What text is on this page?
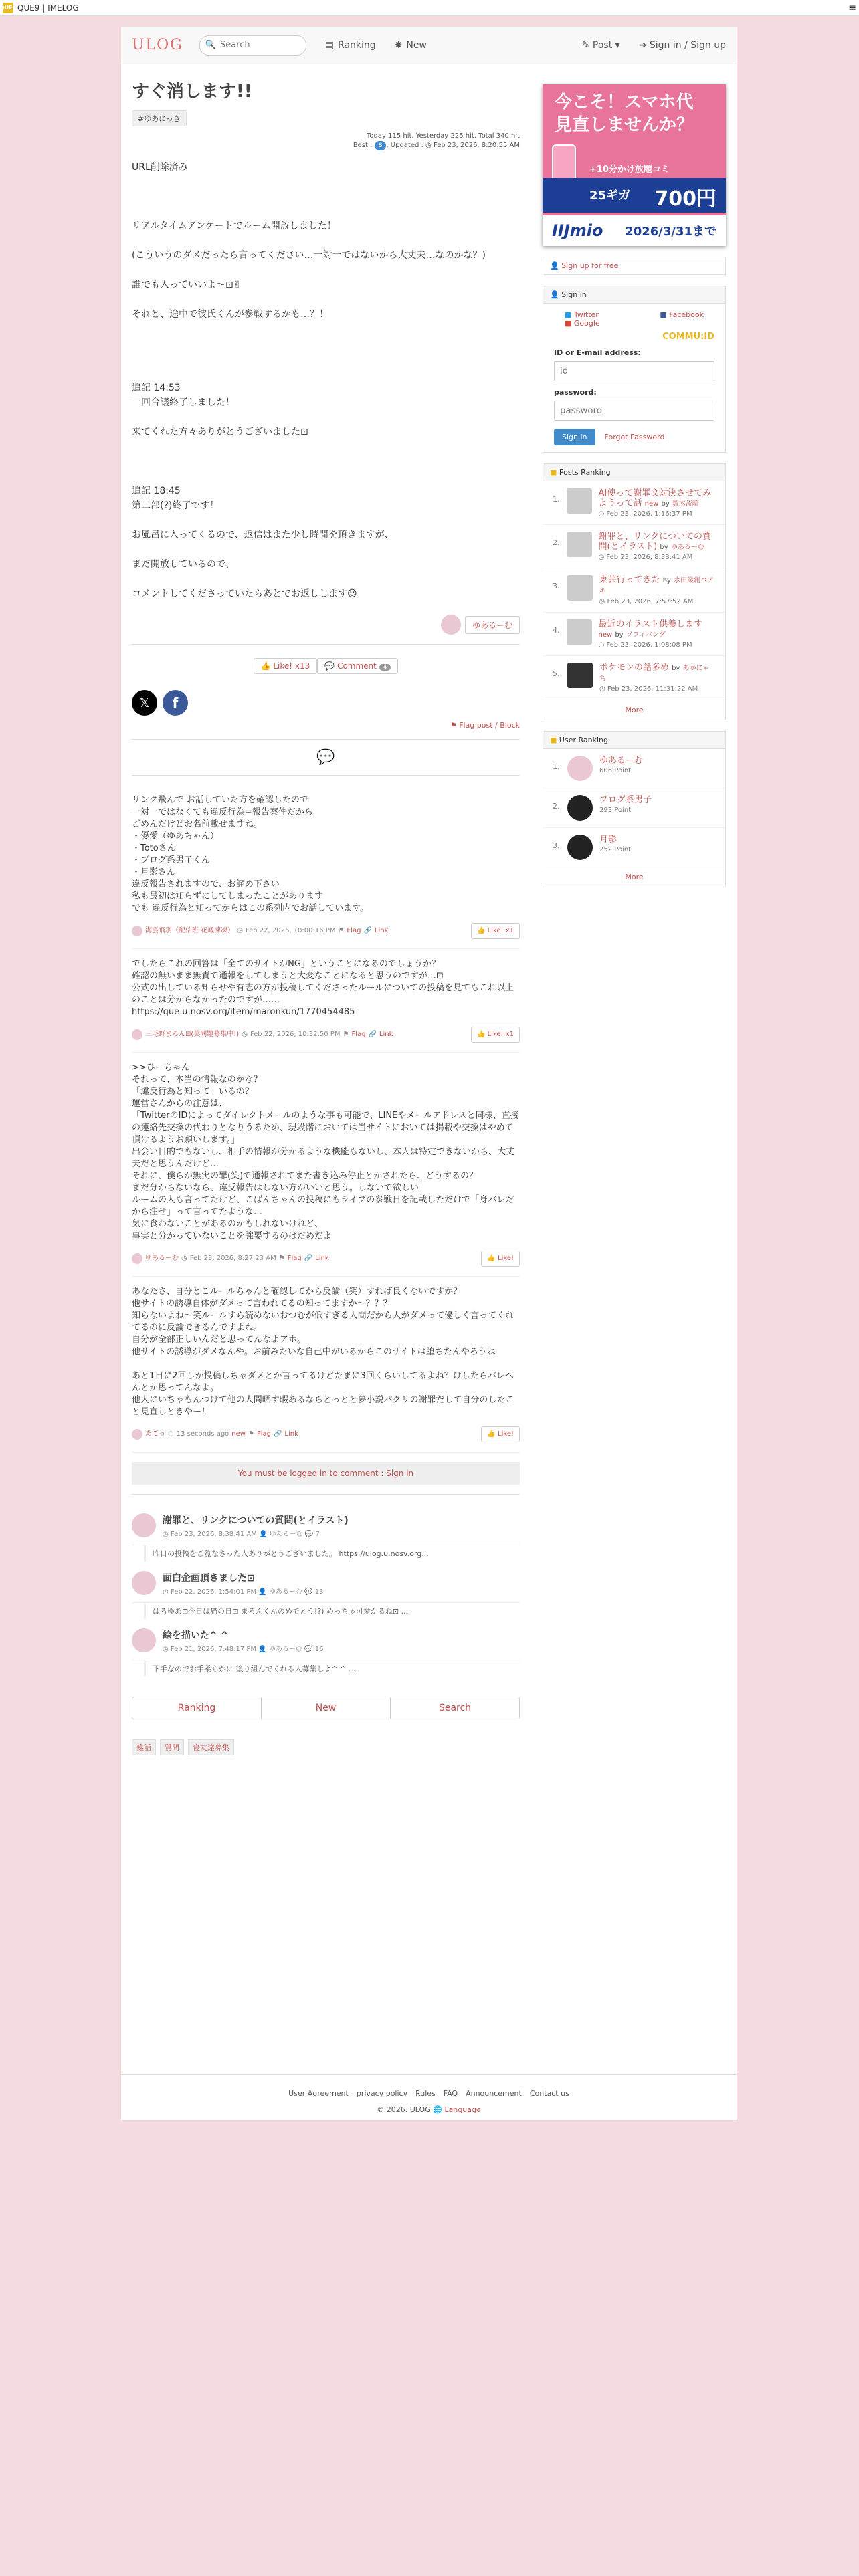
QUE9 QUE9
|
IMELOG	≡
ULOG	🔍
Search	▤ Ranking ✸ New	✎ Post ▾ ➜ Sign in / Sign up
すぐ消します!!
#ゆあにっき
Today 115 hit, Yesterday 225 hit, Total 340 hit
Best : 8 , Updated : ◷ Feb 23, 2026, 8:20:55 AM

URL削除済み

リアルタイムアンケートでルーム開放しました！

(こういうのダメだったら言ってください…一対一ではないから大丈夫…なのかな？)

誰でも入っていいよ〜⊡✌

それと、途中で彼氏くんが参戦するかも…？！

追記 14:53

一回合議終了しました！

来てくれた方々ありがとうございました⊡

追記 18:45

第二部(?)終了です！

お風呂に入ってくるので、返信はまた少し時間を頂きますが、

まだ開放しているので、

コメントしてくださっていたらあとでお返しします☺

ゆあるーむ
👍 Like! x13	💬 Comment 4
𝕏	f
⚑ Flag post / Block
💬
リンク飛んで お話していた方を確認したので
一対一ではなくても違反行為=報告案件だから
ごめんだけどお名前載せますね。
・優愛（ゆあちゃん）
・Totoさん
・ブログ系男子くん
・月影さん
違反報告されますので、お詫め下さい
私も最初は知らずにしてしまったことがあります
でも 違反行為と知ってからはこの系列内でお話しています。
海雲飛羽（配信班 花鳳凍凍） ◷ Feb 22, 2026, 10:00:16 PM ⚑ Flag 🔗 Link	👍 Like! x1
でしたらこれの回答は「全てのサイトがNG」ということになるのでしょうか？
確認の無いまま無責で通報をしてしまうと大変なことになると思うのですが…⊡
公式の出している知らせや有志の方が投稿してくださったルールについての投稿を見てもこれ以上のことは分からなかったのですが……
https://que.u.nosv.org/item/maronkun/1770454485
三毛野まろん⊡(美問題募集中!) ◷ Feb 22, 2026, 10:32:50 PM ⚑ Flag 🔗 Link	👍 Like! x1
>>ひーちゃん
それって、本当の情報なのかな？
「違反行為と知って」いるの？
運営さんからの注意は、
「TwitterのIDによってダイレクトメールのような事も可能で、LINEやメールアドレスと同様、直接の連絡先交換の代わりとなりうるため、現段階においては当サイトにおいては掲載や交換はやめて頂けるようお願いします。」
出会い目的でもないし、相手の情報が分かるような機能もないし、本人は特定できないから、大丈夫だと思うんだけど…
それに、僕らが無実の罪(笑)で通報されてまた書き込み停止とかされたら、どうするの？
まだ分からないなら、違反報告はしない方がいいと思う。しないで欲しい
ルームの人も言ってたけど、こばんちゃんの投稿にもライブの参戦日を記載しただけで「身バレだから注せ」って言ってたような…
気に食わないことがあるのかもしれないけれど、
事実と分かっていないことを強要するのはだめだよ
ゆあるーむ ◷ Feb 23, 2026, 8:27:23 AM ⚑ Flag 🔗 Link	👍 Like!
あなたさ、自分とこルールちゃんと確認してから反論（笑）すれば良くないですか？
他サイトの誘導自体がダメって言われてるの知ってますか～？？？
知らないよね～笑ルールすら読めないおつむが低すぎる人間だから人がダメって優しく言ってくれてるのに反論できるんですよね。
自分が全部正しいんだと思ってんなよアホ。
他サイトの誘導がダメなんや。お前みたいな自己中がいるからこのサイトは堕ちたんやろうね

あと1日に2回しか投稿しちゃダメとか言ってるけどたまに3回くらいしてるよね？けしたらバレへんとか思ってんなよ。
他人にいちゃもんつけて他の人間晒す暇あるならとっとと夢小説パクリの謝罪だして自分のしたこと見直しときやー！
あてっ ◷ 13 seconds ago new ⚑ Flag 🔗 Link	👍 Like!
You must be logged in to comment : Sign in
謝罪と、リンクについての質問(とイラスト)
◷ Feb 23, 2026, 8:38:41 AM 👤 ゆあるーむ 💬 7
昨日の投稿をご覧なさった人ありがとうございました。 https://ulog.u.nosv.org...
面白企画頂きました⊡
◷ Feb 22, 2026, 1:54:01 PM 👤 ゆあるーむ 💬 13
はろゆあ⊡今日は猫の日⊡ まろんくんのめでとう!?) めっちゃ可愛かるね⊡ ...
絵を描いた^ ^
◷ Feb 21, 2026, 7:48:17 PM 👤 ゆあるーむ 💬 16
下手なのでお手柔らかに 塗り組んでくれる人募集しよ^ ^ ...
Ranking	New	Search
雑話	質問	寝友達募集
今こそ！スマホ代
見直しませんか？
+10分かけ放題コミ
25ギガ 700円
IIJmio 2026/3/31まで
👤 Sign up for free
👤 Sign in
■ Twitter
■ Google
■ Facebook
COMMU:ID
ID or E-mail address:
id
password:
Sign in	Forgot Password
■ Posts Ranking
1.
AI使って謝罪文対決させてみようって話 new by 数木流暗
◷ Feb 23, 2026, 1:16:37 PM
2.
謝罪と、リンクについての質問(とイラスト) by ゆあるーむ
◷ Feb 23, 2026, 8:38:41 AM
3.
東芸行ってきた by 水田業創ベアキ
◷ Feb 23, 2026, 7:57:52 AM
4.
最近のイラスト供養します new by ソフィバング
◷ Feb 23, 2026, 1:08:08 PM
5.
ポケモンの話多め by あかにゃち
◷ Feb 23, 2026, 11:31:22 AM
More
■ User Ranking
1.
ゆあるーむ
606 Point
2.
ブログ系男子
293 Point
3.
月影
252 Point
More
User Agreement privacy policy Rules FAQ Announcement Contact us
© 2026. ULOG 🌐 Language
